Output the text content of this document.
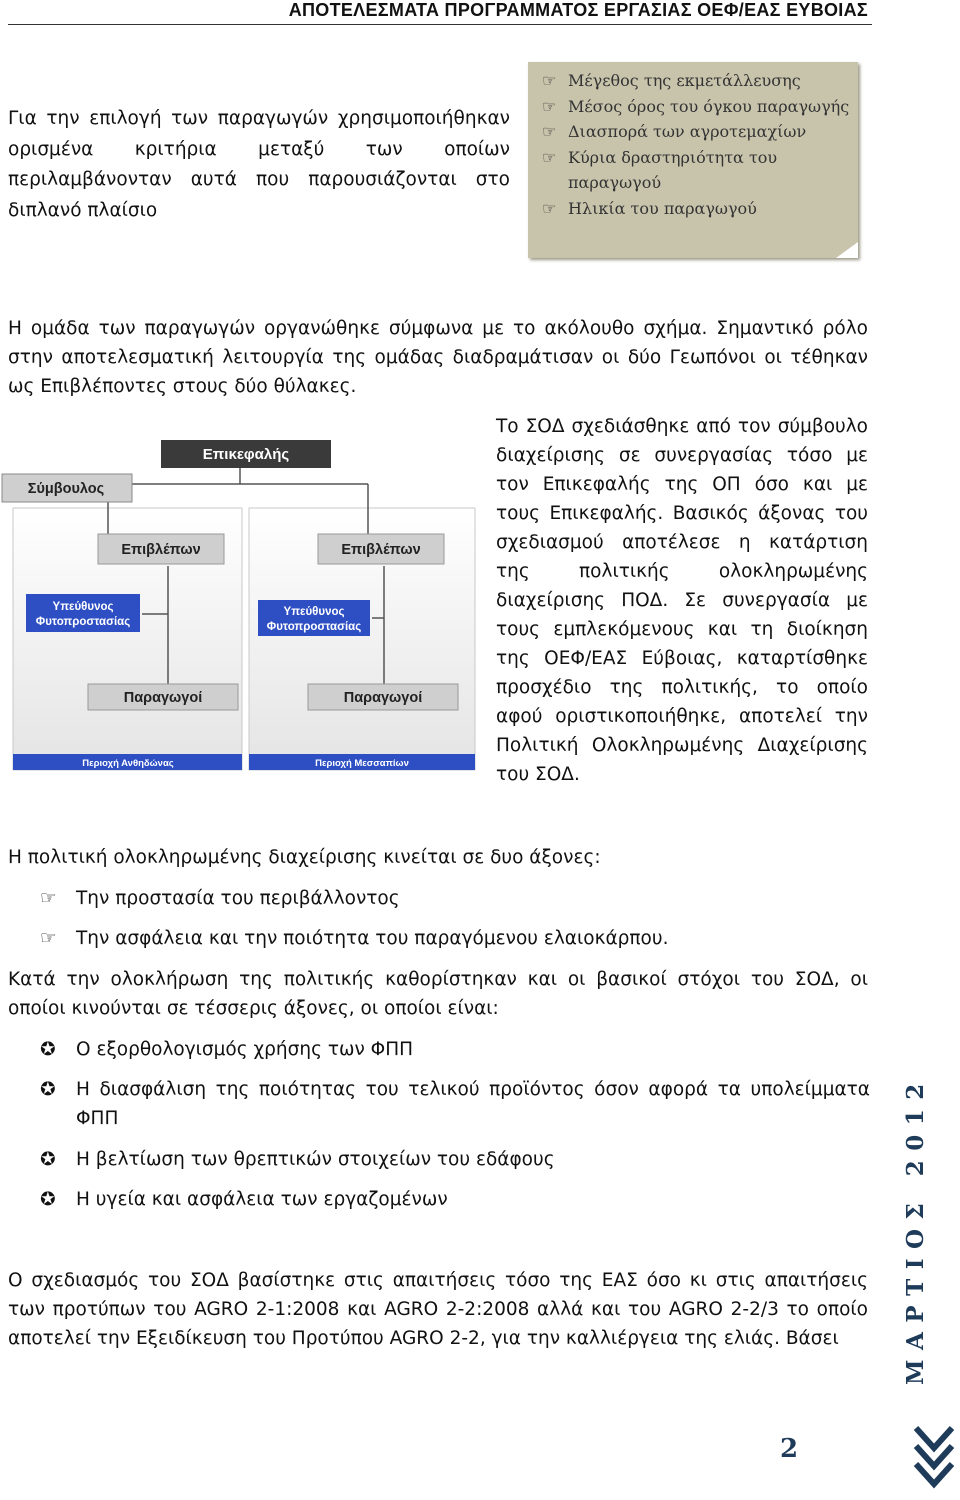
ΑΠΟΤΕΛΕΣΜΑΤΑ ΠΡΟΓΡΑΜΜΑΤΟΣ ΕΡΓΑΣΙΑΣ ΟΕΦ/ΕΑΣ ΕΥΒΟΙΑΣ
Για την επιλογή των παραγωγών χρησιμοποιήθηκαν ορισμένα κριτήρια μεταξύ των οποίων περιλαμβάνονταν αυτά που παρουσιάζονται στο διπλανό πλαίσιο
☞ Μέγεθος της εκμετάλλευσης
☞ Μέσος όρος του όγκου παραγωγής
☞ Διασπορά των αγροτεμαχίων
☞ Κύρια δραστηριότητα του παραγωγού
☞ Ηλικία του παραγωγού
Η ομάδα των παραγωγών οργανώθηκε σύμφωνα με το ακόλουθο σχήμα. Σημαντικό ρόλο στην αποτελεσματική λειτουργία της ομάδας διαδραμάτισαν οι δύο Γεωπόνοι οι τέθηκαν ως Επιβλέποντες στους δύο θύλακες.
Επικεφαλής
Σύμβουλος
Επιβλέπων	Επιβλέπων
Υπεύθυνος
Φυτοπροστασίας
Υπεύθυνος
Φυτοπροστασίας
Παραγωγοί	Παραγωγοί
Περιοχή Ανθηδώνας	Περιοχή Μεσσαπίων
Το ΣΟΔ σχεδιάσθηκε από τον σύμβουλο διαχείρισης σε συνεργασίας τόσο με τον Επικεφαλής της ΟΠ όσο και με τους Επικεφαλής. Βασικός άξονας του σχεδιασμού αποτέλεσε η κατάρτιση της πολιτικής ολοκληρωμένης διαχείρισης ΠΟΔ. Σε συνεργασία με τους εμπλεκόμενους και τη διοίκηση της ΟΕΦ/ΕΑΣ Εύβοιας, καταρτίσθηκε προσχέδιο της πολιτικής, το οποίο αφού οριστικοποιήθηκε, αποτελεί την Πολιτική Ολοκληρωμένης Διαχείρισης του ΣΟΔ.
Η πολιτική ολοκληρωμένης διαχείρισης κινείται σε δυο άξονες:
☞	Την προστασία του περιβάλλοντος
☞	Την ασφάλεια και την ποιότητα του παραγόμενου ελαιοκάρπου.
Κατά την ολοκλήρωση της πολιτικής καθορίστηκαν και οι βασικοί στόχοι του ΣΟΔ, οι οποίοι κινούνται σε τέσσερις άξονες, οι οποίοι είναι:
✪	Ο εξορθολογισμός χρήσης των ΦΠΠ
✪	Η διασφάλιση της ποιότητας του τελικού προϊόντος όσον αφορά τα υπολείμματα ΦΠΠ
✪	Η βελτίωση των θρεπτικών στοιχείων του εδάφους
✪	Η υγεία και ασφάλεια των εργαζομένων
Ο σχεδιασμός του ΣΟΔ βασίστηκε στις απαιτήσεις τόσο της ΕΑΣ όσο κι στις απαιτήσεις των προτύπων του AGRO 2-1:2008 και AGRO 2-2:2008 αλλά και του AGRO 2-2/3 το οποίο αποτελεί την Εξειδίκευση του Προτύπου AGRO 2-2, για την καλλιέργεια της ελιάς. Βάσει	ΜΑΡΤΙΟΣ 2012
2
